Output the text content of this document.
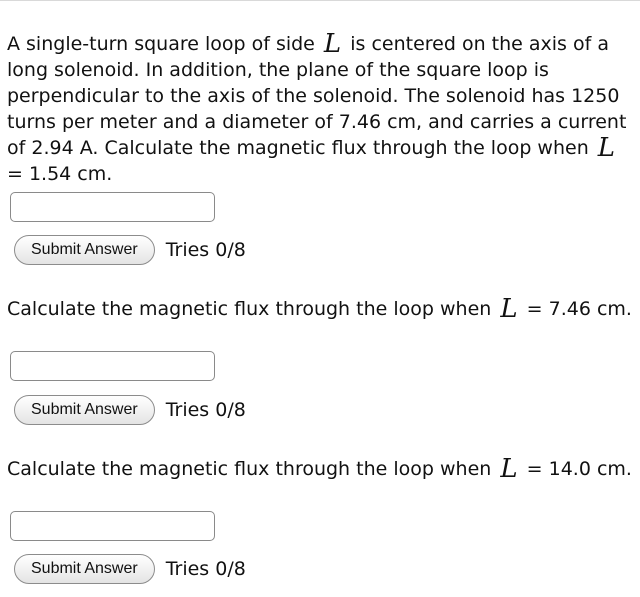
A single-turn square loop of side L is centered on the axis of a long solenoid. In addition, the plane of the square loop is perpendicular to the axis of the solenoid. The solenoid has 1250 turns per meter and a diameter of 7.46 cm, and carries a current of 2.94 A. Calculate the magnetic flux through the loop when L = 1.54 cm.
Submit Answer	Tries 0/8
Calculate the magnetic flux through the loop when L = 7.46 cm.
Submit Answer	Tries 0/8
Calculate the magnetic flux through the loop when L = 14.0 cm.
Submit Answer	Tries 0/8
